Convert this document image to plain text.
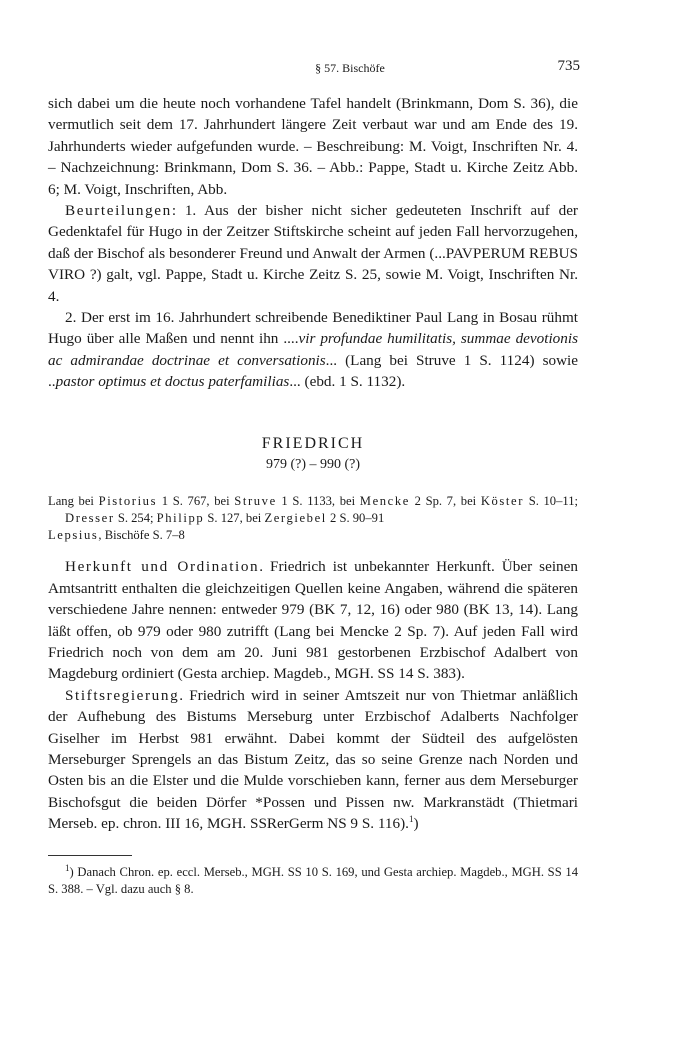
§ 57. Bischöfe	735

sich dabei um die heute noch vorhandene Tafel handelt (Brinkmann, Dom S. 36), die vermutlich seit dem 17. Jahrhundert längere Zeit verbaut war und am Ende des 19. Jahrhunderts wieder aufgefunden wurde. – Beschreibung: M. Voigt, Inschriften Nr. 4. – Nachzeichnung: Brinkmann, Dom S. 36. – Abb.: Pappe, Stadt u. Kirche Zeitz Abb. 6; M. Voigt, Inschriften, Abb.

Beurteilungen: 1. Aus der bisher nicht sicher gedeuteten Inschrift auf der Gedenktafel für Hugo in der Zeitzer Stiftskirche scheint auf jeden Fall hervorzugehen, daß der Bischof als besonderer Freund und Anwalt der Armen (...PAVPERUM REBUS VIRO ?) galt, vgl. Pappe, Stadt u. Kirche Zeitz S. 25, sowie M. Voigt, Inschriften Nr. 4.

2. Der erst im 16. Jahrhundert schreibende Benediktiner Paul Lang in Bosau rühmt Hugo über alle Maßen und nennt ihn ....vir profundae humilitatis, summae devotionis ac admirandae doctrinae et conversationis... (Lang bei Struve 1 S. 1124) sowie ..pastor optimus et doctus paterfamilias... (ebd. 1 S. 1132).

FRIEDRICH
979 (?) – 990 (?)
Lang bei Pistorius 1 S. 767, bei Struve 1 S. 1133, bei Mencke 2 Sp. 7, bei Köster S. 10–11; Dresser S. 254; Philipp S. 127, bei Zergiebel 2 S. 90–91
Lepsius, Bischöfe S. 7–8

Herkunft und Ordination. Friedrich ist unbekannter Herkunft. Über seinen Amtsantritt enthalten die gleichzeitigen Quellen keine Angaben, während die späteren verschiedene Jahre nennen: entweder 979 (BK 7, 12, 16) oder 980 (BK 13, 14). Lang läßt offen, ob 979 oder 980 zutrifft (Lang bei Mencke 2 Sp. 7). Auf jeden Fall wird Friedrich noch von dem am 20. Juni 981 gestorbenen Erzbischof Adalbert von Magdeburg ordiniert (Gesta archiep. Magdeb., MGH. SS 14 S. 383).

Stiftsregierung. Friedrich wird in seiner Amtszeit nur von Thietmar anläßlich der Aufhebung des Bistums Merseburg unter Erzbischof Adalberts Nachfolger Giselher im Herbst 981 erwähnt. Dabei kommt der Südteil des aufgelösten Merseburger Sprengels an das Bistum Zeitz, das so seine Grenze nach Norden und Osten bis an die Elster und die Mulde vorschieben kann, ferner aus dem Merseburger Bischofsgut die beiden Dörfer *Possen und Pissen nw. Markranstädt (Thietmari Merseb. ep. chron. III 16, MGH. SSRerGerm NS 9 S. 116).$^1$)

$^1$) Danach Chron. ep. eccl. Merseb., MGH. SS 10 S. 169, und Gesta archiep. Magdeb., MGH. SS 14 S. 388. – Vgl. dazu auch § 8.
